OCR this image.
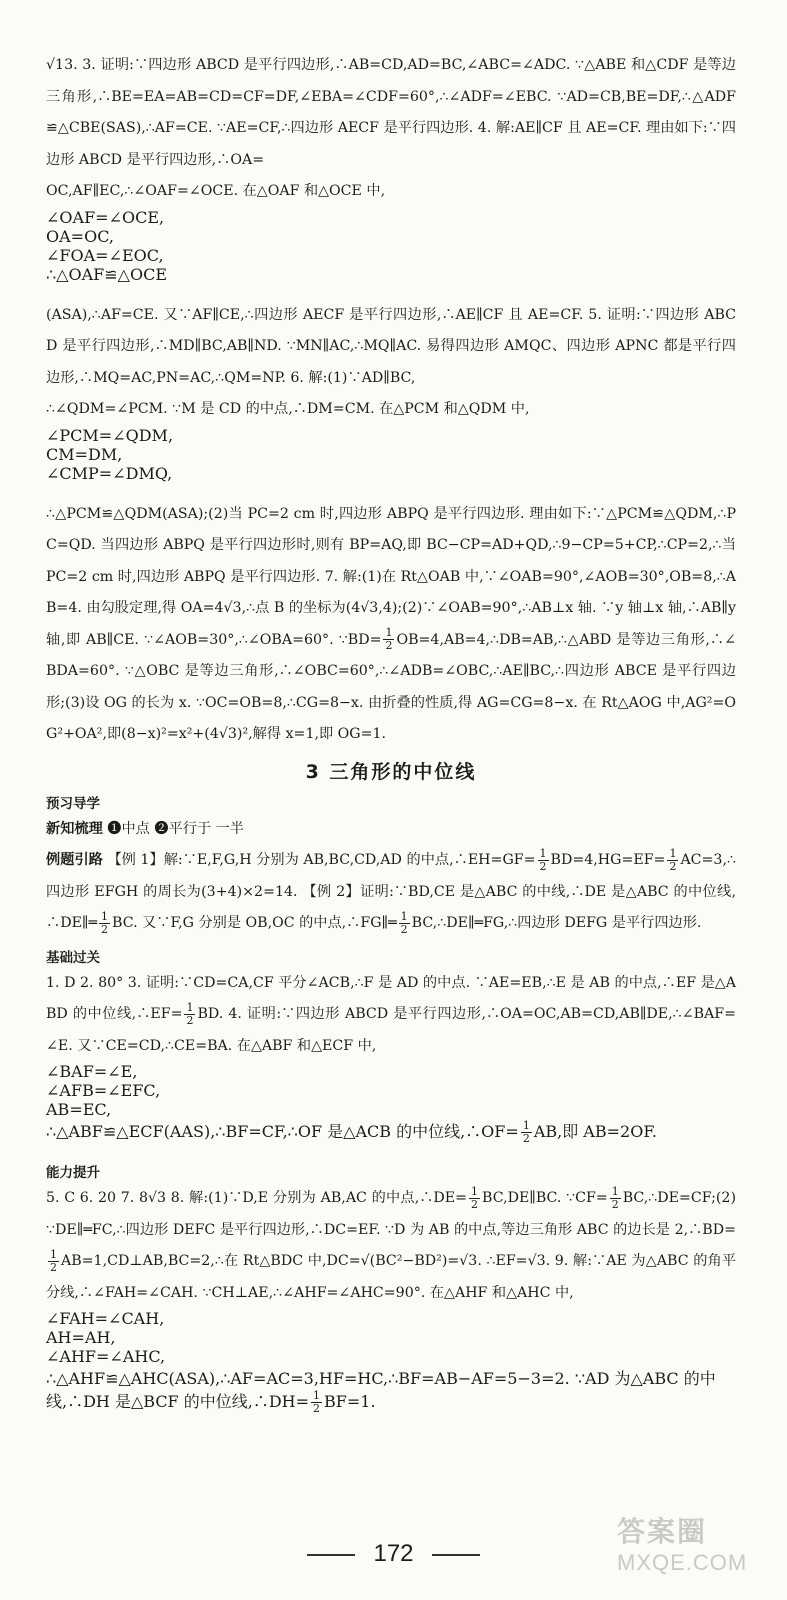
√13. 3. 证明:∵四边形 ABCD 是平行四边形,∴AB=CD,AD=BC,∠ABC=∠ADC. ∵△ABE 和△CDF 是等边三角形,∴BE=EA=AB=CD=CF=DF,∠EBA=∠CDF=60°,∴∠ADF=∠EBC. ∵AD=CB,BE=DF,∴△ADF≌△CBE(SAS),∴AF=CE. ∵AE=CF,∴四边形 AECF 是平行四边形. 4. 解:AE∥CF 且 AE=CF. 理由如下:∵四边形 ABCD 是平行四边形,∴OA=

OC,AF∥EC,∴∠OAF=∠OCE. 在△OAF 和△OCE 中,

∠OAF=∠OCE,
OA=OC,
∠FOA=∠EOC,
∴△OAF≌△OCE

(ASA),∴AF=CE. 又∵AF∥CE,∴四边形 AECF 是平行四边形,∴AE∥CF 且 AE=CF. 5. 证明:∵四边形 ABCD 是平行四边形,∴MD∥BC,AB∥ND. ∵MN∥AC,∴MQ∥AC. 易得四边形 AMQC、四边形 APNC 都是平行四边形,∴MQ=AC,PN=AC,∴QM=NP. 6. 解:(1)∵AD∥BC,

∴∠QDM=∠PCM. ∵M 是 CD 的中点,∴DM=CM. 在△PCM 和△QDM 中,

∠PCM=∠QDM,
CM=DM,
∠CMP=∠DMQ,

∴△PCM≌△QDM(ASA);(2)当 PC=2 cm 时,四边形 ABPQ 是平行四边形. 理由如下:∵△PCM≌△QDM,∴PC=QD. 当四边形 ABPQ 是平行四边形时,则有 BP=AQ,即 BC−CP=AD+QD,∴9−CP=5+CP,∴CP=2,∴当 PC=2 cm 时,四边形 ABPQ 是平行四边形. 7. 解:(1)在 Rt△OAB 中,∵∠OAB=90°,∠AOB=30°,OB=8,∴AB=4. 由勾股定理,得 OA=4√3,∴点 B 的坐标为(4√3,4);(2)∵∠OAB=90°,∴AB⊥x 轴. ∵y 轴⊥x 轴,∴AB∥y 轴,即 AB∥CE. ∵∠AOB=30°,∴∠OBA=60°. ∵BD= $\frac{1}{2}$ OB=4,AB=4,∴DB=AB,∴△ABD 是等边三角形,∴∠BDA=60°. ∵△OBC 是等边三角形,∴∠OBC=60°,∴∠ADB=∠OBC,∴AE∥BC,∴四边形 ABCE 是平行四边形;(3)设 OG 的长为 x. ∵OC=OB=8,∴CG=8−x. 由折叠的性质,得 AG=CG=8−x. 在 Rt△AOG 中,AG²=OG²+OA²,即(8−x)²=x²+(4√3)²,解得 x=1,即 OG=1.

3 三角形的中位线
预习导学

新知梳理 ❶中点 ❷平行于 一半

例题引路 【例 1】解:∵E,F,G,H 分别为 AB,BC,CD,AD 的中点,∴EH=GF= $\frac{1}{2} BD=4,HG=EF= \frac{1}{2}$ AC=3,∴四边形 EFGH 的周长为(3+4)×2=14. 【例 2】证明:∵BD,CE 是△ABC 的中线,∴DE 是△ABC 的中位线,∴DE∥═ $\frac{1}{2}$ BC. 又∵F,G 分别是 OB,OC 的中点,∴FG∥═ $\frac{1}{2}$ BC,∴DE∥═FG,∴四边形 DEFG 是平行四边形.

基础过关

1. D 2. 80° 3. 证明:∵CD=CA,CF 平分∠ACB,∴F 是 AD 的中点. ∵AE=EB,∴E 是 AB 的中点,∴EF 是△ABD 的中位线,∴EF= $\frac{1}{2}$ BD. 4. 证明:∵四边形 ABCD 是平行四边形,∴OA=OC,AB=CD,AB∥DE,∴∠BAF=∠E. 又∵CE=CD,∴CE=BA. 在△ABF 和△ECF 中,

∠BAF=∠E,
∠AFB=∠EFC,
AB=EC,
∴△ABF≌△ECF(AAS),∴BF=CF,∴OF 是△ACB 的中位线,∴OF= $\frac{1}{2}$ AB,即 AB=2OF.

能力提升

5. C 6. 20 7. 8√3 8. 解:(1)∵D,E 分别为 AB,AC 的中点,∴DE= $\frac{1}{2}$ BC,DE∥BC. ∵CF= $\frac{1}{2}$ BC,∴DE=CF;(2)∵DE∥═FC,∴四边形 DEFC 是平行四边形,∴DC=EF. ∵D 为 AB 的中点,等边三角形 ABC 的边长是 2,∴BD=
$\frac{1}{2}$ AB=1,CD⊥AB,BC=2,∴在 Rt△BDC 中,DC=√(BC²−BD²)=√3. ∴EF=√3. 9. 解:∵AE 为△ABC 的角平分线,∴∠FAH=∠CAH. ∵CH⊥AE,∴∠AHF=∠AHC=90°. 在△AHF 和△AHC 中,

∠FAH=∠CAH,
AH=AH,
∠AHF=∠AHC,
∴△AHF≌△AHC(ASA),∴AF=AC=3,HF=HC,∴BF=AB−AF=5−3=2. ∵AD 为△ABC 的中线,∴DH 是△BCF 的中位线,∴DH= $\frac{1}{2} BF=1$.

172
答案圈
MXQE.COM
